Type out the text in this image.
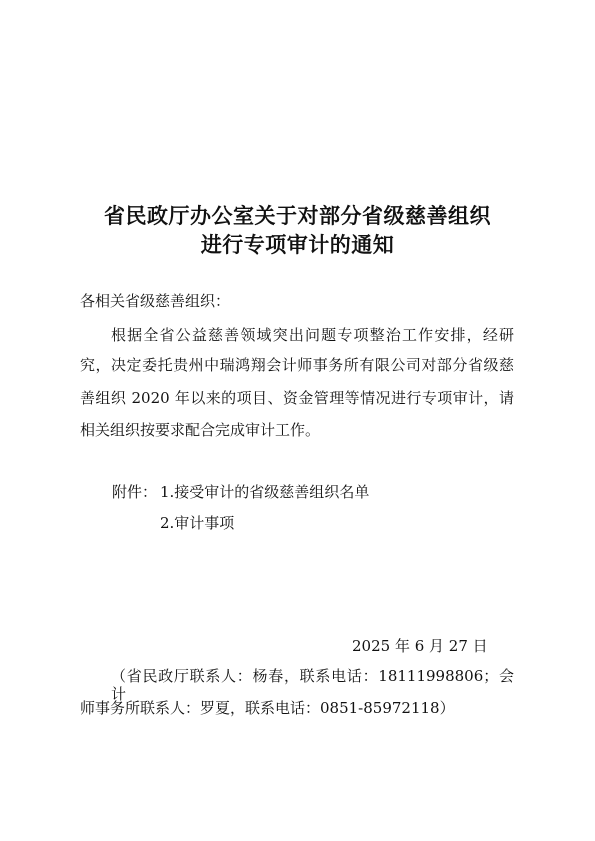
省民政厅办公室关于对部分省级慈善组织
进行专项审计的通知
各相关省级慈善组织：
根据全省公益慈善领域突出问题专项整治工作安排，经研
究，决定委托贵州中瑞鸿翔会计师事务所有限公司对部分省级慈
善组织 2020 年以来的项目、资金管理等情况进行专项审计，请
相关组织按要求配合完成审计工作。
附件： 1.接受审计的省级慈善组织名单
2.审计事项
2025 年 6 月 27 日
（省民政厅联系人：杨春，联系电话：18111998806；会计
师事务所联系人：罗夏，联系电话：0851-85972118）
